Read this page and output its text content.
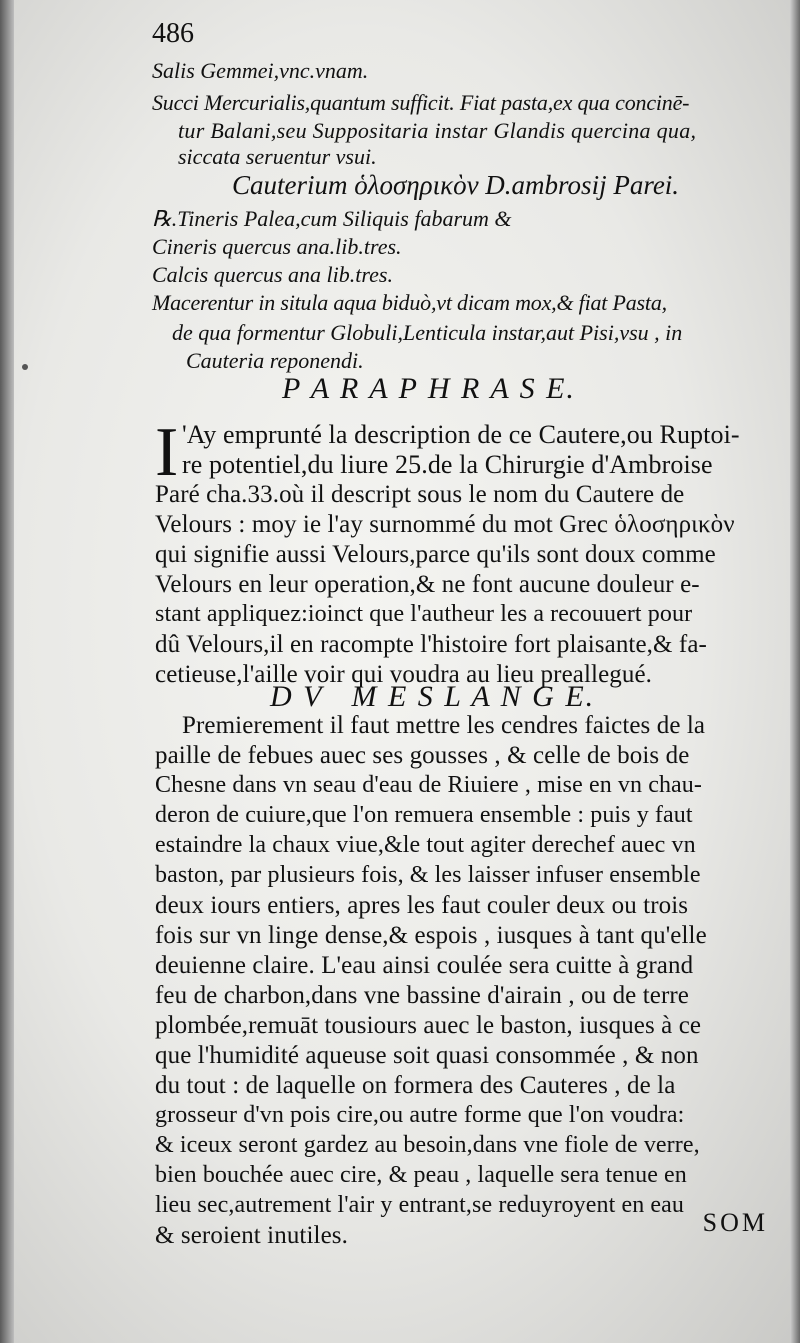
486
Salis Gemmei,vnc.vnam.
Succi Mercurialis,quantum sufficit. Fiat pasta,ex qua concinē-
tur Balani,seu Suppositaria instar Glandis quercina qua,
siccata seruentur vsui.
Cauterium ὁλοσηρικὸν D.ambrosij Parei.
℞.Tineris Palea,cum Siliquis fabarum &
Cineris quercus ana.lib.tres.
Calcis quercus ana lib.tres.
Macerentur in situla aqua biduò,vt dicam mox,& fiat Pasta,
de qua formentur Globuli,Lenticula instar,aut Pisi,vsu , in
Cauteria reponendi.
P A R A P H R A S E.
I 'Ay emprunté la description de ce Cautere,ou Ruptoi-
re potentiel,du liure 25.de la Chirurgie d'Ambroise
Paré cha.33.où il descript sous le nom du Cautere de
Velours : moy ie l'ay surnommé du mot Grec ὁλοσηρικὸν
qui signifie aussi Velours,parce qu'ils sont doux comme
Velours en leur operation,& ne font aucune douleur e-
stant appliquez:ioinct que l'autheur les a recouuert pour
dû Velours,il en racompte l'histoire fort plaisante,& fa-
cetieuse,l'aille voir qui voudra au lieu preallegué.
D V   M E S L A N G E.
Premierement il faut mettre les cendres faictes de la
paille de febues auec ses gousses , & celle de bois de
Chesne dans vn seau d'eau de Riuiere , mise en vn chau-
deron de cuiure,que l'on remuera ensemble : puis y faut
estaindre la chaux viue,&le tout agiter derechef auec vn
baston, par plusieurs fois, & les laisser infuser ensemble
deux iours entiers, apres les faut couler deux ou trois
fois sur vn linge dense,& espois , iusques à tant qu'elle
deuienne claire. L'eau ainsi coulée sera cuitte à grand
feu de charbon,dans vne bassine d'airain , ou de terre
plombée,remuāt tousiours auec le baston, iusques à ce
que l'humidité aqueuse soit quasi consommée , & non
du tout : de laquelle on formera des Cauteres , de la
grosseur d'vn pois cire,ou autre forme que l'on voudra:
& iceux seront gardez au besoin,dans vne fiole de verre,
bien bouchée auec cire, & peau , laquelle sera tenue en
lieu sec,autrement l'air y entrant,se reduyroyent en eau
& seroient inutiles.	SOM
